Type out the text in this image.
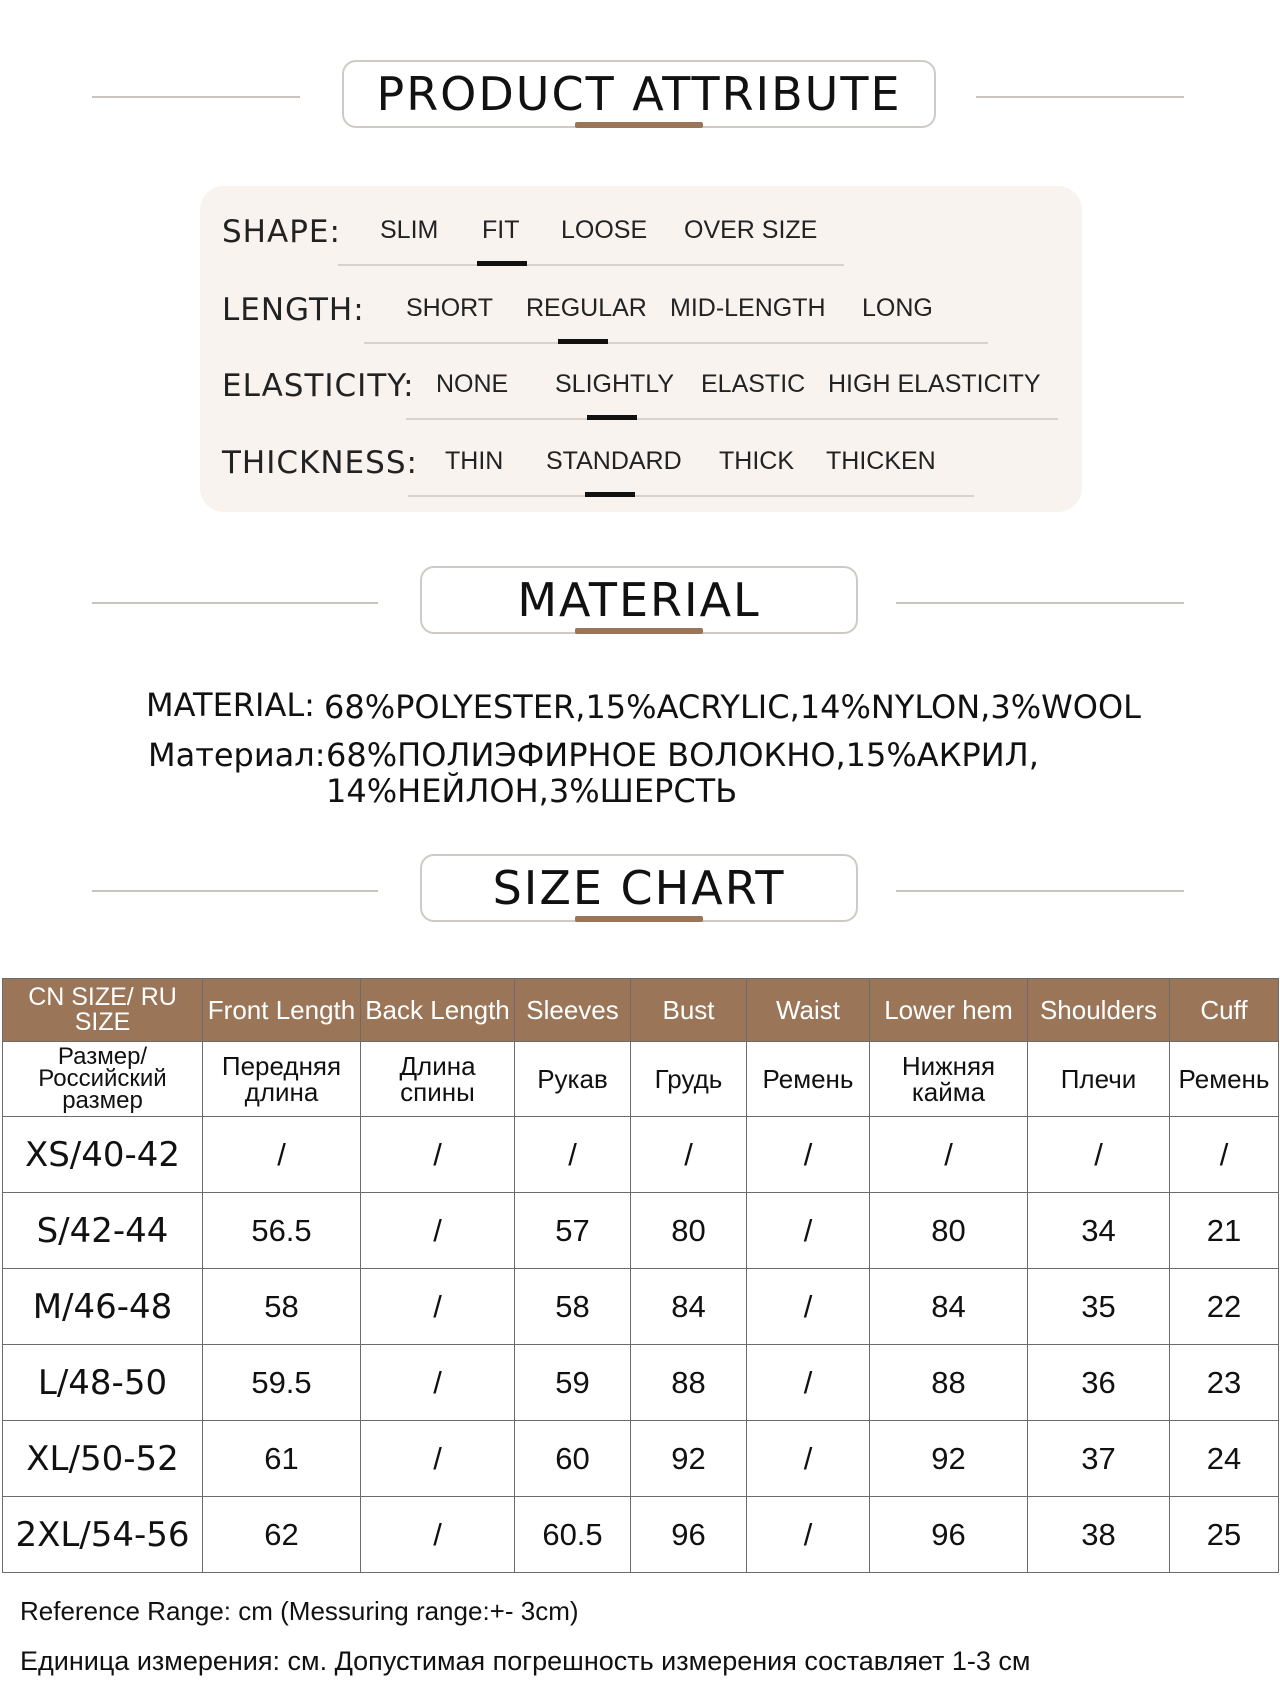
PRODUCT ATTRIBUTE
SHAPE: SLIM FIT LOOSE OVER SIZE
LENGTH: SHORT REGULAR MID-LENGTH LONG
ELASTICITY: NONE SLIGHTLY ELASTIC HIGH ELASTICITY
THICKNESS: THIN STANDARD THICK THICKEN
MATERIAL
MATERIAL: 68%POLYESTER,15%ACRYLIC,14%NYLON,3%WOOL
Материал: 68%ПОЛИЭФИРНОЕ ВОЛОКНО,15%АКРИЛ,
14%НЕЙЛОН,3%ШЕРСТЬ
SIZE CHART
CN SIZE/ RU SIZE	Front Length	Back Length	Sleeves	Bust	Waist	Lower hem	Shoulders	Cuff
Размер/ Российский размер	Передняя длина	Длина спины	Рукав	Грудь	Ремень	Нижняя кайма	Плечи	Ремень
XS/40-42	/	/	/	/	/	/	/	/
S/42-44	56.5	/	57	80	/	80	34	21
M/46-48	58	/	58	84	/	84	35	22
L/48-50	59.5	/	59	88	/	88	36	23
XL/50-52	61	/	60	92	/	92	37	24
2XL/54-56	62	/	60.5	96	/	96	38	25
Reference Range: cm (Messuring range:+- 3cm)
Единица измерения: см. Допустимая погрешность измерения составляет 1-3 см
